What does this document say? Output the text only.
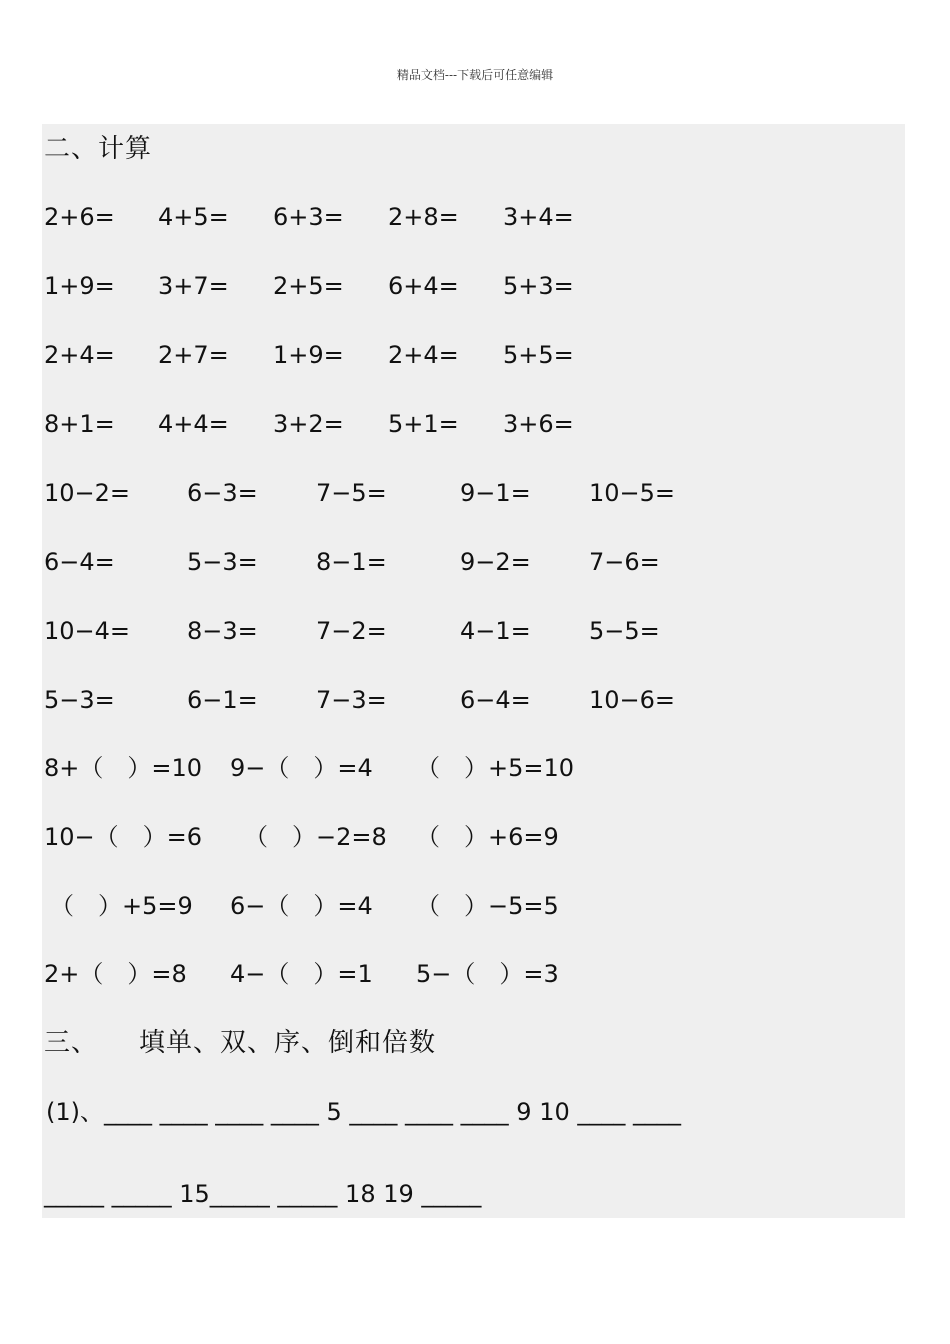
精品文档---下载后可任意编辑
二、计算
2+6= 4+5= 6+3= 2+8= 3+4=
1+9= 3+7= 2+5= 6+4= 5+3=
2+4= 2+7= 1+9= 2+4= 5+5=
8+1= 4+4= 3+2= 5+1= 3+6=
10−2= 6−3= 7−5=	9−1= 10−5=
6−4=	5−3= 8−1=	9−2= 7−6=
10−4= 8−3= 7−2=	4−1= 5−5=
5−3=	6−1= 7−3=	6−4= 10−6=
8+（　）=10 9−（　）=4 （　）+5=10
10−（　）=6 （　）−2=8 （　）+6=9
（　）+5=9 6−（　）=4 （　）−5=5
2+（　）=8 4−（　）=1 5−（　）=3
三、　　填单、双、序、倒和倍数
(1)、____ ____ ____ ____ 5 ____ ____ ____ 9 10 ____ ____
_____ _____ 15_____ _____ 18 19 _____
